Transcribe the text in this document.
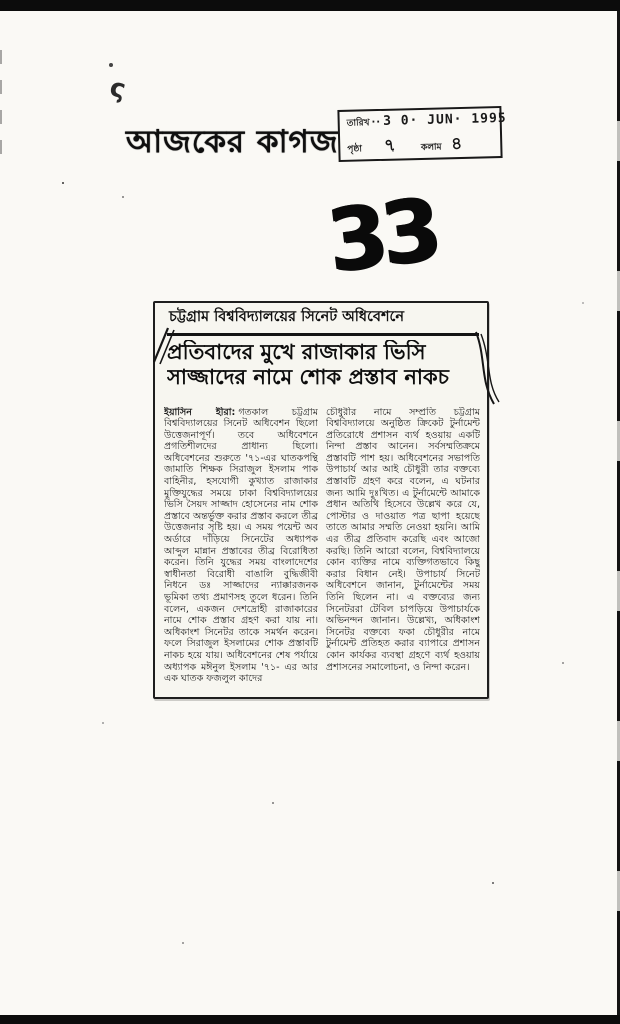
ς
আজকের কাগজ
তারিখ ·· 3 0· JUN· 1995
পৃষ্ঠা ৭	কলাম ৪
33
চট্টগ্রাম বিশ্ববিদ্যালয়ের সিনেট অধিবেশনে
প্রতিবাদের মুখে রাজাকার ভিসি সাজ্জাদের নামে শোক প্রস্তাব নাকচ

ইয়াসিন হীরা: গতকাল চট্টগ্রাম বিশ্ববিদ্যালয়ের সিনেট অধিবেশন ছিলো উত্তেজনাপূর্ণ। তবে অধিবেশনে প্রগতিশীলদের প্রাধান্য ছিলো। অধিবেশনের শুরুতে '৭১-এর ঘাতকপন্থি জামাতি শিক্ষক সিরাজুল ইসলাম পাক বাহিনীর, হসযোগী কুখ্যাত রাজাকার মুক্তিযুদ্ধের সময়ে ঢাকা বিশ্ববিদ্যালয়ের ভিসি সৈয়দ সাজ্জাদ হোসেনের নাম শোক প্রস্তাবে অন্তর্ভুক্ত করার প্রস্তাব করলে তীব্র উত্তেজনার সৃষ্টি হয়। এ সময় পয়েন্ট অব অর্ডারে দাঁড়িয়ে সিনেটের অধ্যাপক আব্দুল মান্নান প্রস্তাবের তীব্র বিরোধিতা করেন। তিনি যুদ্ধের সময় বাংলাদেশের স্বাধীনতা বিরোধী বাঙালি বুদ্ধিজীবী নিধনে ডঃ সাজ্জাদের ন্যাক্কারজনক ভূমিকা তথ্য প্রমাণসহ তুলে ধরেন। তিনি বলেন, একজন দেশদ্রোহী রাজাকারের নামে শোক প্রস্তাব গ্রহণ করা যায় না। অধিকাংশ সিনেটর তাকে সমর্থন করেন। ফলে সিরাজুল ইসলামের শোক প্রস্তাবটি নাকচ হয়ে যায়। অধিবেশনের শেষ পর্যায়ে অধ্যাপক মঈনুল ইসলাম '৭১- এর আর এক ঘাতক ফজলুল কাদের

চৌধুরীর নামে সম্প্রতি চট্টগ্রাম বিশ্ববিদ্যালয়ে অনুষ্ঠিত ক্রিকেট টুর্নামেন্ট প্রতিরোধে প্রশাসন ব্যর্থ হওয়ায় একটি নিন্দা প্রস্তাব আনেন। সর্বসম্মতিক্রমে প্রস্তাবটি পাশ হয়। অধিবেশনের সভাপতি উপাচার্য আর আই চৌধুরী তার বক্তব্যে প্রস্তাবটি গ্রহণ করে বলেন, এ ঘটনার জন্য আমি দুঃখিত। এ টুর্নামেন্টে আমাকে প্রধান অতিথি হিসেবে উল্লেখ করে যে, পোস্টার ও দাওয়াত পত্র ছাপা হয়েছে তাতে আমার সম্মতি নেওয়া হয়নি। আমি এর তীব্র প্রতিবাদ করেছি এবং আজো করছি। তিনি আরো বলেন, বিশ্ববিদ্যালয়ে কোন ব্যক্তির নামে ব্যক্তিগতভাবে কিছু করার বিধান নেই। উপাচার্য সিনেট অধিবেশনে জানান, টুর্নামেন্টের সময় তিনি ছিলেন না। এ বক্তব্যের জন্য সিনেটররা টেবিল চাপড়িয়ে উপাচার্যকে অভিনন্দন জানান। উল্লেখ্য, অধিকাংশ সিনেটর বক্তব্যে ফকা চৌধুরীর নামে টুর্নামেন্ট প্রতিহত করার ব্যাপারে প্রশাসন কোন কার্যকর ব্যবস্থা গ্রহণে ব্যর্থ হওয়ায় প্রশাসনের সমালোচনা, ও নিন্দা করেন।
